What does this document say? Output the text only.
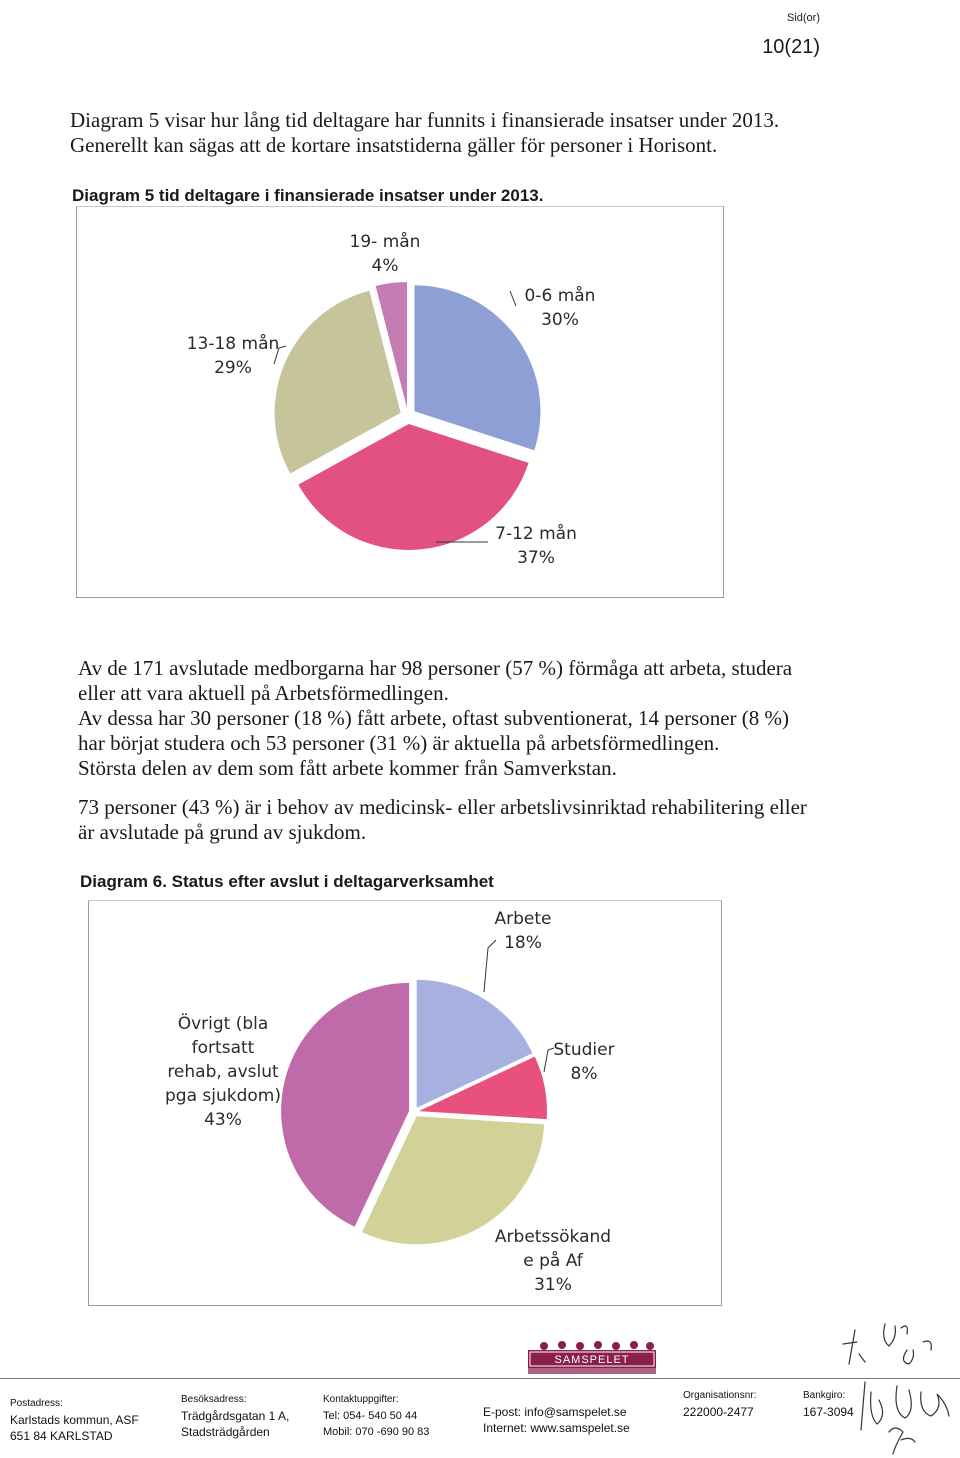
Sid(or)
10(21)

Diagram 5 visar hur lång tid deltagare har funnits i finansierade insatser under 2013.

Generellt kan sägas att de kortare insatstiderna gäller för personer i Horisont.

Diagram 5 tid deltagare i finansierade insatser under 2013.
19- mån
4%
0-6 mån
30%
13-18 mån
29%
7-12 mån
37%

Av de 171 avslutade medborgarna har 98 personer (57 %) förmåga att arbeta, studera

eller att vara aktuell på Arbetsförmedlingen.

Av dessa har 30 personer (18 %) fått arbete, oftast subventionerat, 14 personer (8 %)

har börjat studera och 53 personer (31 %) är aktuella på arbetsförmedlingen.

Största delen av dem som fått arbete kommer från Samverkstan.

73 personer (43 %) är i behov av medicinsk- eller arbetslivsinriktad rehabilitering eller

är avslutade på grund av sjukdom.

Diagram 6. Status efter avslut i deltagarverksamhet
Arbete
18%
Studier
8%
Övrigt (bla
fortsatt
rehab, avslut
pga sjukdom)
43%
Arbetssökand
e på Af
31%
SAMSPELET
Postadress:
Karlstads kommun, ASF
651 84 KARLSTAD
Besöksadress:
Trädgårdsgatan 1 A,
Stadsträdgården
Kontaktuppgifter:
Tel: 054- 540 50 44
Mobil: 070 -690 90 83
E-post: info@samspelet.se
Internet: www.samspelet.se
Organisationsnr:
222000-2477
Bankgiro:
167-3094
